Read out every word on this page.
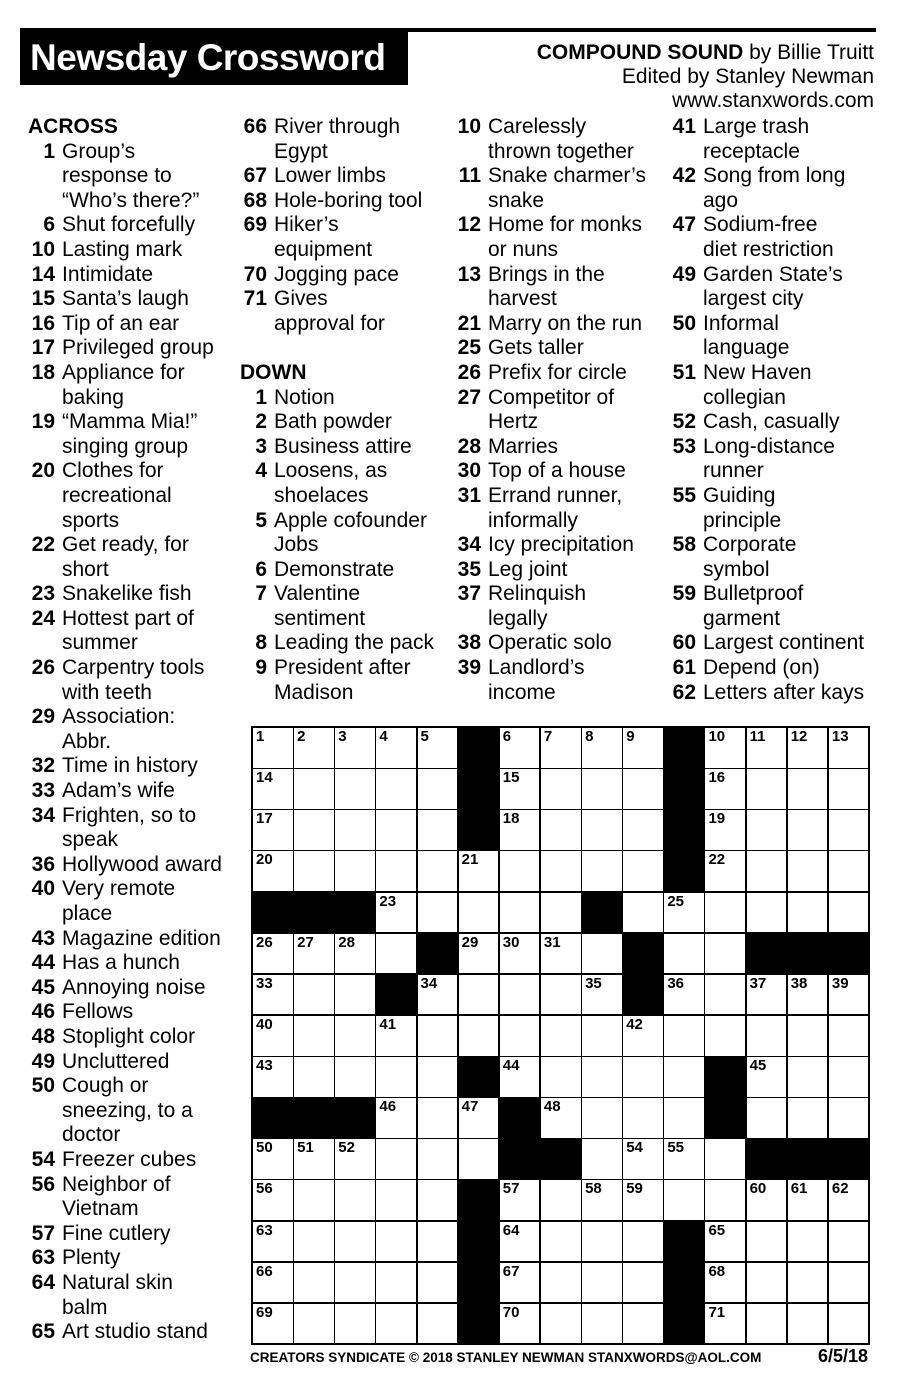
Newsday Crossword	COMPOUND SOUND by Billie Truitt
Edited by Stanley Newman
www.stanxwords.com
ACROSS
1 Group’s
response to
“Who’s there?”
6 Shut forcefully
10 Lasting mark
14 Intimidate
15 Santa’s laugh
16 Tip of an ear
17 Privileged group
18 Appliance for
baking
19 “Mamma Mia!”
singing group
20 Clothes for
recreational
sports
22 Get ready, for
short
23 Snakelike fish
24 Hottest part of
summer
26 Carpentry tools
with teeth
29 Association:
Abbr.
32 Time in history
33 Adam’s wife
34 Frighten, so to
speak
36 Hollywood award
40 Very remote
place
43 Magazine edition
44 Has a hunch
45 Annoying noise
46 Fellows
48 Stoplight color
49 Uncluttered
50 Cough or
sneezing, to a
doctor
54 Freezer cubes
56 Neighbor of
Vietnam
57 Fine cutlery
63 Plenty
64 Natural skin
balm
65 Art studio stand
66 River through
Egypt
67 Lower limbs
68 Hole-boring tool
69 Hiker’s
equipment
70 Jogging pace
71 Gives
approval for
DOWN
1 Notion
2 Bath powder
3 Business attire
4 Loosens, as
shoelaces
5 Apple cofounder
Jobs
6 Demonstrate
7 Valentine
sentiment
8 Leading the pack
9 President after
Madison
10 Carelessly
thrown together
11 Snake charmer’s
snake
12 Home for monks
or nuns
13 Brings in the
harvest
21 Marry on the run
25 Gets taller
26 Prefix for circle
27 Competitor of
Hertz
28 Marries
30 Top of a house
31 Errand runner,
informally
34 Icy precipitation
35 Leg joint
37 Relinquish
legally
38 Operatic solo
39 Landlord’s
income
41 Large trash
receptacle
42 Song from long
ago
47 Sodium-free
diet restriction
49 Garden State’s
largest city
50 Informal
language
51 New Haven
collegian
52 Cash, casually
53 Long-distance
runner
55 Guiding
principle
58 Corporate
symbol
59 Bulletproof
garment
60 Largest continent
61 Depend (on)
62 Letters after kays
1 2 3 4 5	6 7 8 9	10 11 12 13
14	15	16
17	18	19
20	21	22
23	25
26 27 28	29 30 31
33	34	35	36	37 38 39
40	41	42
43	44	45
46	47	48
50 51 52	54 55
56	57	58 59	60 61 62
63	64	65
66	67	68
69	70	71
CREATORS SYNDICATE © 2018 STANLEY NEWMAN STANXWORDS@AOL.COM	6/5/18
